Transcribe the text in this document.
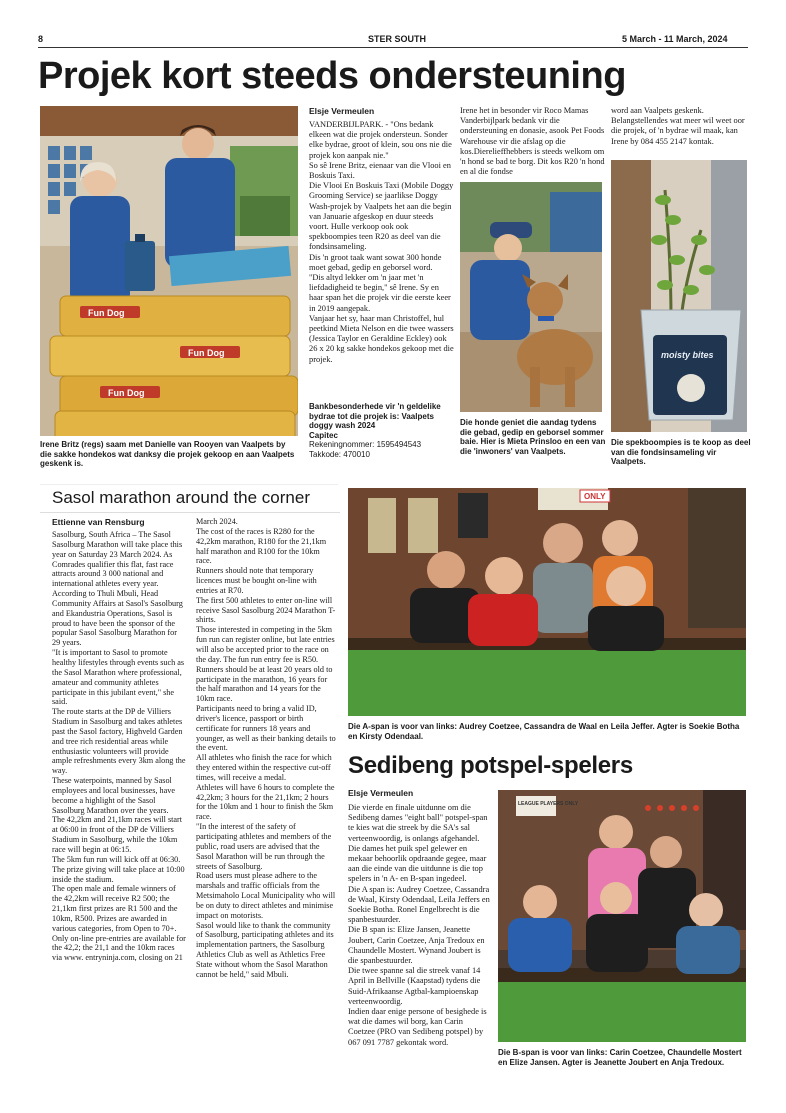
8	STER SOUTH	5 March - 11 March, 2024
Projek kort steeds ondersteuning
Fun Dog
Fun Dog
Fun Dog
Irene Britz (regs) saam met Danielle van Rooyen van Vaalpets by die sakke hondekos wat danksy die projek gekoop en aan Vaalpets geskenk is.
Elsje Vermeulen

VANDERBIJLPARK. - "Ons bedank elkeen wat die projek ondersteun. Sonder elke bydrae, groot of klein, sou ons nie die projek kon aanpak nie."

So sê Irene Britz, eienaar van die Vlooi en Boskuis Taxi.

Die Vlooi En Boskuis Taxi (Mobile Doggy Grooming Service) se jaarlikse Doggy Wash-projek by Vaalpets het aan die begin van Januarie afgeskop en duur steeds voort. Hulle verkoop ook ook spekboompies teen R20 as deel van die fondsinsameling.

Dis 'n groot taak want sowat 300 honde moet gebad, gedip en geborsel word.

"Dis altyd lekker om 'n jaar met 'n liefdadigheid te begin," sê Irene. Sy en haar span het die projek vir die eerste keer in 2019 aangepak.

Vanjaar het sy, haar man Christoffel, hul peetkind Mieta Nelson en die twee wassers (Jessica Taylor en Geraldine Eckley) ook 26 x 20 kg sakke hondekos gekoop met die projek.

Bankbesonderhede vir 'n geldelike bydrae tot die projek is: Vaalpets doggy wash 2024
Capitec
Rekeningnommer: 1595494543
Takkode: 470010

Irene het in besonder vir Roco Mamas Vanderbijlpark bedank vir die ondersteuning en donasie, asook Pet Foods Warehouse vir die afslag op die kos.Dierelieffhebbers is steeds welkom om 'n hond se bad te borg. Dit kos R20 'n hond en al die fondse

Die honde geniet die aandag tydens die gebad, gedip en geborsel sommer baie. Hier is Mieta Prinsloo en een van die 'inwoners' van Vaalpets.

word aan Vaalpets geskenk. Belangstellendes wat meer wil weet oor die projek, of 'n bydrae wil maak, kan Irene by 084 455 2147 kontak.

moisty bites
Die spekboompies is te koop as deel van die fondsinsameling vir Vaalpets.
Sasol marathon around the corner
Ettienne van Rensburg

Sasolburg, South Africa – The Sasol Sasolburg Marathon will take place this year on Saturday 23 March 2024. As Comrades qualifier this flat, fast race attracts around 3 000 national and international athletes every year.

According to Thuli Mbuli, Head Community Affairs at Sasol's Sasolburg and Ekandustria Operations, Sasol is proud to have been the sponsor of the popular Sasol Sasolburg Marathon for 29 years.

"It is important to Sasol to promote healthy lifestyles through events such as the Sasol Marathon where professional, amateur and community athletes participate in this jubilant event," she said.

The route starts at the DP de Villiers Stadium in Sasolburg and takes athletes past the Sasol factory, Highveld Garden and tree rich residential areas while enthusiastic volunteers will provide ample refreshments every 3km along the way.

These waterpoints, manned by Sasol employees and local businesses, have become a highlight of the Sasol Sasolburg Marathon over the years.

The 42,2km and 21,1km races will start at 06:00 in front of the DP de Villiers Stadium in Sasolburg, while the 10km race will begin at 06:15.

The 5km fun run will kick off at 06:30.

The prize giving will take place at 10:00 inside the stadium.

The open male and female winners of the 42,2km will receive R2 500; the 21,1km first prizes are R1 500 and the 10km, R500. Prizes are awarded in various categories, from Open to 70+. Only on-line pre-entries are available for the 42,2; the 21,1 and the 10km races via www. entryninja.com, closing on 21

March 2024.

The cost of the races is R280 for the 42,2km marathon, R180 for the 21,1km half marathon and R100 for the 10km race.

Runners should note that temporary licences must be bought on-line with entries at R70.

The first 500 athletes to enter on-line will receive Sasol Sasolburg 2024 Marathon T-shirts.

Those interested in competing in the 5km fun run can register online, but late entries will also be accepted prior to the race on the day. The fun run entry fee is R50.

Runners should be at least 20 years old to participate in the marathon, 16 years for the half marathon and 14 years for the 10km race.

Participants need to bring a valid ID, driver's licence, passport or birth certificate for runners 18 years and younger, as well as their banking details to the event.

All athletes who finish the race for which they entered within the respective cut-off times, will receive a medal.

Athletes will have 6 hours to complete the 42,2km; 3 hours for the 21,1km; 2 hours for the 10km and 1 hour to finish the 5km race.

"In the interest of the safety of participating athletes and members of the public, road users are advised that the Sasol Marathon will be run through the streets of Sasolburg.

Road users must please adhere to the marshals and traffic officials from the Metsimaholo Local Municipality who will be on duty to direct athletes and minimise impact on motorists.

Sasol would like to thank the community of Sasolburg, participating athletes and its implementation partners, the Sasolburg Athletics Club as well as Athletics Free State without whom the Sasol Marathon cannot be held," said Mbuli.

ONLY
Die A-span is voor van links: Audrey Coetzee, Cassandra de Waal en Leila Jeffer. Agter is Soekie Botha en Kirsty Odendaal.
Sedibeng potspel-spelers
Elsje Vermeulen

Die vierde en finale uitdunne om die Sedibeng dames "eight ball" potspel-span te kies wat die streek by die SA's sal verteenwoordig, is onlangs afgehandel.

Die dames het puik spel gelewer en mekaar behoorlik opdraande gegee, maar aan die einde van die uitdunne is die top spelers in 'n A- en B-span ingedeel.

Die A span is: Audrey Coetzee, Cassandra de Waal, Kirsty Odendaal, Leila Jeffers en Soekie Botha. Ronel Engelbrecht is die spanbestuurder.

Die B span is: Elize Jansen, Jeanette Joubert, Carin Coetzee, Anja Tredoux en Chaundelle Mostert. Wynand Joubert is die spanbestuurder.

Die twee spanne sal die streek vanaf 14 April in Bellville (Kaapstad) tydens die Suid-Afrikaanse Agtbal-kampioenskap verteenwoordig.

Indien daar enige persone of besighede is wat die dames wil borg, kan Carin Coetzee (PRO van Sedibeng potspel) by 067 091 7787 gekontak word.

LEAGUE PLAYERS ONLY
Die B-span is voor van links: Carin Coetzee, Chaundelle Mostert en Elize Jansen. Agter is Jeanette Joubert en Anja Tredoux.
